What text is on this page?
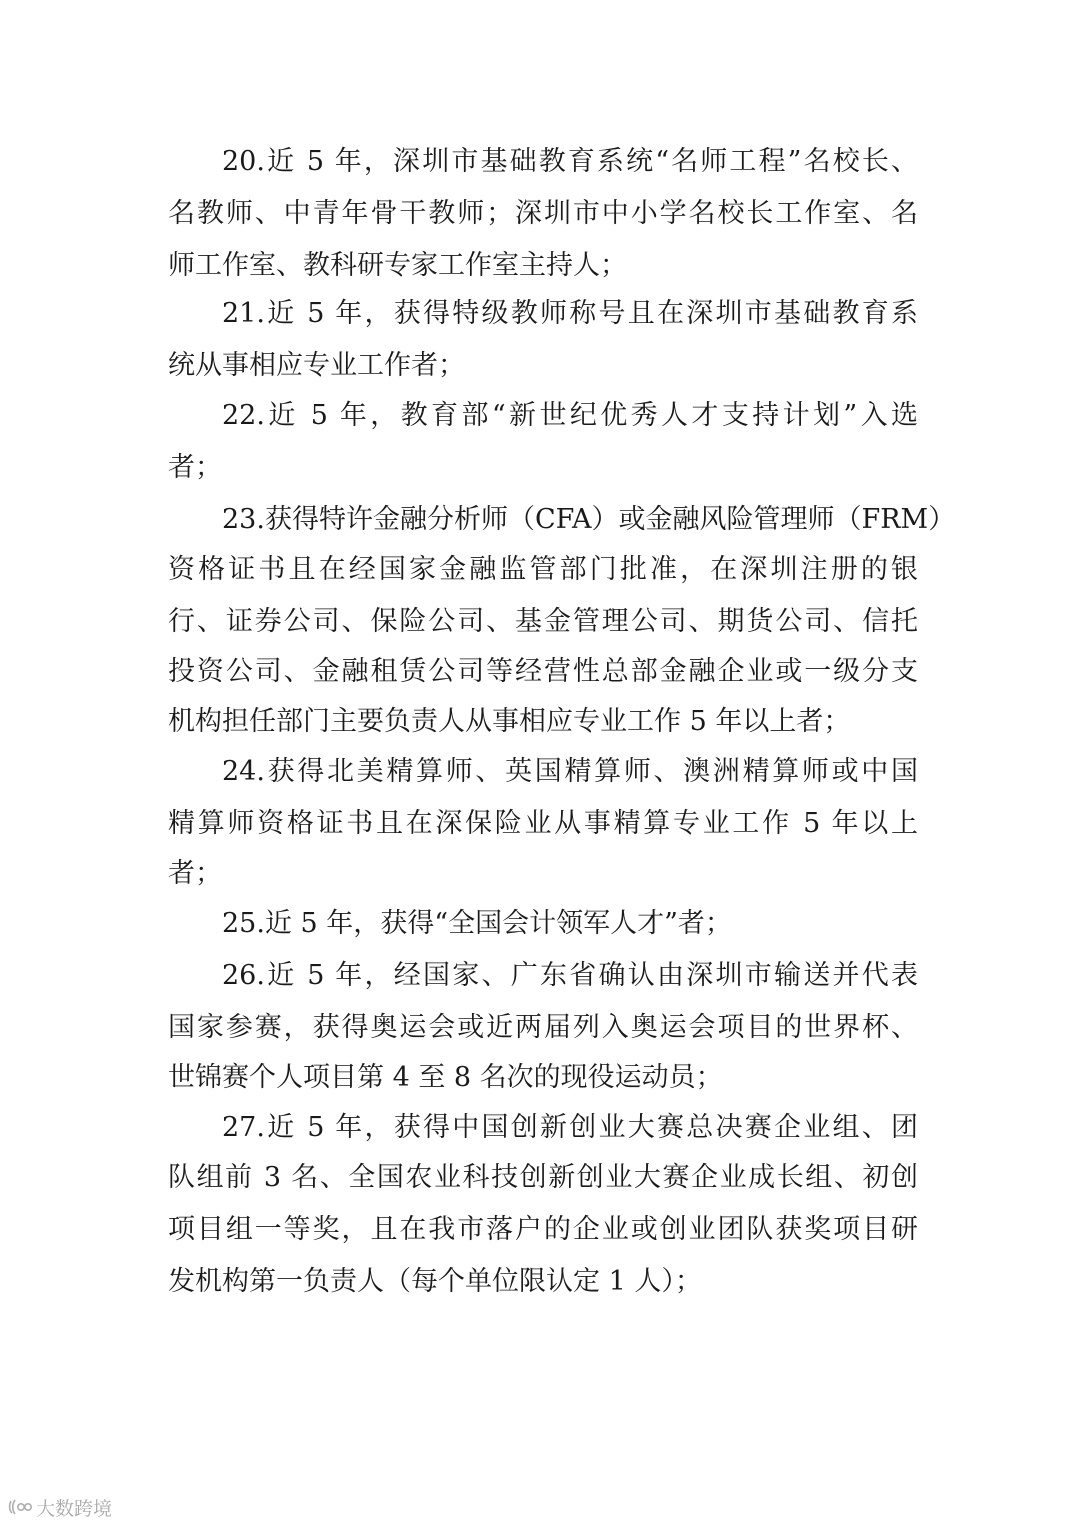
20.近 5 年，深圳市基础教育系统“名师工程”名校长、
名教师、中青年骨干教师；深圳市中小学名校长工作室、名
师工作室、教科研专家工作室主持人；
21.近 5 年，获得特级教师称号且在深圳市基础教育系
统从事相应专业工作者；
22.近 5 年，教育部“新世纪优秀人才支持计划”入选
者；
23.获得特许金融分析师（CFA）或金融风险管理师（FRM）
资格证书且在经国家金融监管部门批准，在深圳注册的银
行、证券公司、保险公司、基金管理公司、期货公司、信托
投资公司、金融租赁公司等经营性总部金融企业或一级分支
机构担任部门主要负责人从事相应专业工作 5 年以上者；
24.获得北美精算师、英国精算师、澳洲精算师或中国
精算师资格证书且在深保险业从事精算专业工作 5 年以上
者；
25.近 5 年，获得“全国会计领军人才”者；
26.近 5 年，经国家、广东省确认由深圳市输送并代表
国家参赛，获得奥运会或近两届列入奥运会项目的世界杯、
世锦赛个人项目第 4 至 8 名次的现役运动员；
27.近 5 年，获得中国创新创业大赛总决赛企业组、团
队组前 3 名、全国农业科技创新创业大赛企业成长组、初创
项目组一等奖，且在我市落户的企业或创业团队获奖项目研
发机构第一负责人（每个单位限认定 1 人）；
大数跨境
